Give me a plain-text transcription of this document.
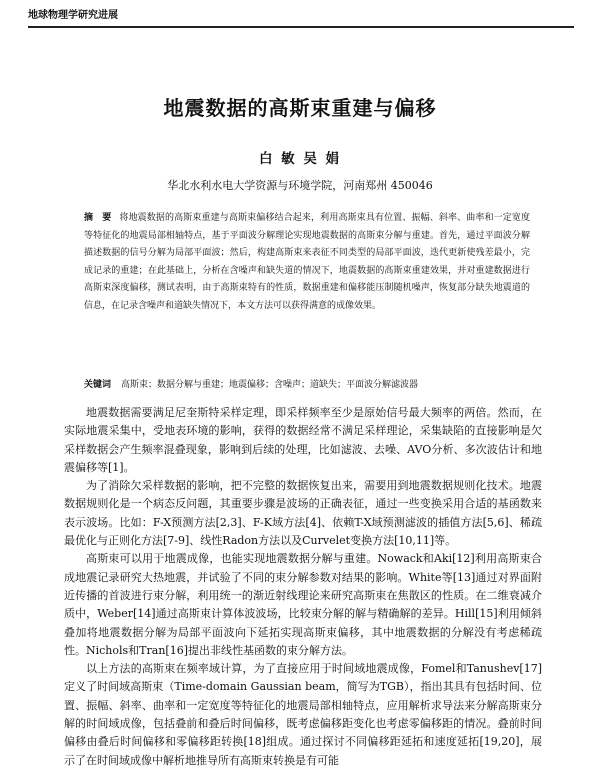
地球物理学研究进展
地震数据的高斯束重建与偏移
白 敏 吴 娟
华北水利水电大学资源与环境学院，河南郑州 450046
摘　要 将地震数据的高斯束重建与高斯束偏移结合起来，利用高斯束具有位置、振幅、斜率、曲率和一定宽度等特征化的地震局部相轴特点，基于平面波分解理论实现地震数据的高斯束分解与重建。首先，通过平面波分解描述数据的信号分解为局部平面波；然后，构建高斯束来表征不同类型的局部平面波，迭代更新使残差最小，完成记录的重建；在此基础上，分析在含噪声和缺失道的情况下，地震数据的高斯束重建效果，并对重建数据进行高斯束深度偏移，测试表明，由于高斯束特有的性质，数据重建和偏移能压制随机噪声，恢复部分缺失地震道的信息，在记录含噪声和道缺失情况下，本文方法可以获得满意的成像效果。
关键词 高斯束；数据分解与重建；地震偏移；含噪声；道缺失；平面波分解滤波器

地震数据需要满足尼奎斯特采样定理，即采样频率至少是原始信号最大频率的两倍。然而，在实际地震采集中，受地表环境的影响，获得的数据经常不满足采样理论，采集缺陷的直接影响是欠采样数据会产生频率混叠现象，影响到后续的处理，比如滤波、去噪、AVO分析、多次波估计和地震偏移等[1]。

为了消除欠采样数据的影响，把不完整的数据恢复出来，需要用到地震数据规则化技术。地震数据规则化是一个病态反问题，其重要步骤是波场的正确表征，通过一些变换采用合适的基函数来表示波场。比如：F-X预测方法[2,3]、F-K域方法[4]、依赖T-X域预测滤波的插值方法[5,6]、稀疏最优化与正则化方法[7-9]、线性Radon方法以及Curvelet变换方法[10,11]等。

高斯束可以用于地震成像，也能实现地震数据分解与重建。Nowack和Aki[12]利用高斯束合成地震记录研究大热地震，并试验了不同的束分解参数对结果的影响。White等[13]通过对界面附近传播的首波进行束分解，利用统一的渐近射线理论来研究高斯束在焦散区的性质。在二维衰减介质中，Weber[14]通过高斯束计算体波波场，比较束分解的解与精确解的差异。Hill[15]利用倾斜叠加将地震数据分解为局部平面波向下延拓实现高斯束偏移，其中地震数据的分解没有考虑稀疏性。Nichols和Tran[16]提出非线性基函数的束分解方法。

以上方法的高斯束在频率域计算，为了直接应用于时间域地震成像，Fomel和Tanushev[17]定义了时间域高斯束（Time-domain Gaussian beam，简写为TGB），指出其具有包括时间、位置、振幅、斜率、曲率和一定宽度等特征化的地震局部相轴特点，应用解析求导法来分解高斯束分解的时间域成像，包括叠前和叠后时间偏移，既考虑偏移距变化也考虑零偏移距的情况。叠前时间偏移由叠后时间偏移和零偏移距转换[18]组成。通过探讨不同偏移距延拓和速度延拓[19,20]，展示了在时间域成像中解析地推导所有高斯束转换是有可能
